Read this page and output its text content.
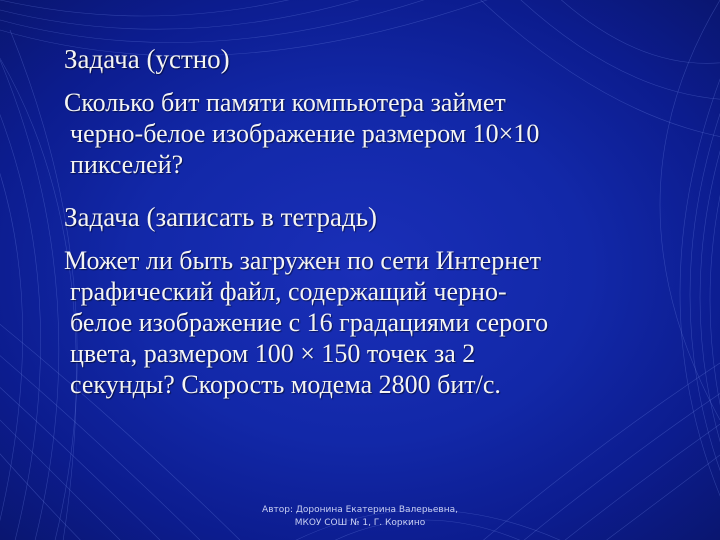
Задача (устно)
Сколько бит памяти компьютера займет
черно-белое изображение размером 10×10
пикселей?
Задача (записать в тетрадь)
Может ли быть загружен по сети Интернет
графический файл, содержащий черно-
белое изображение с 16 градациями серого
цвета, размером 100 × 150 точек за 2
секунды? Скорость модема 2800 бит/с.
Автор: Доронина Екатерина Валерьевна,
МКОУ СОШ № 1, Г. Коркино
